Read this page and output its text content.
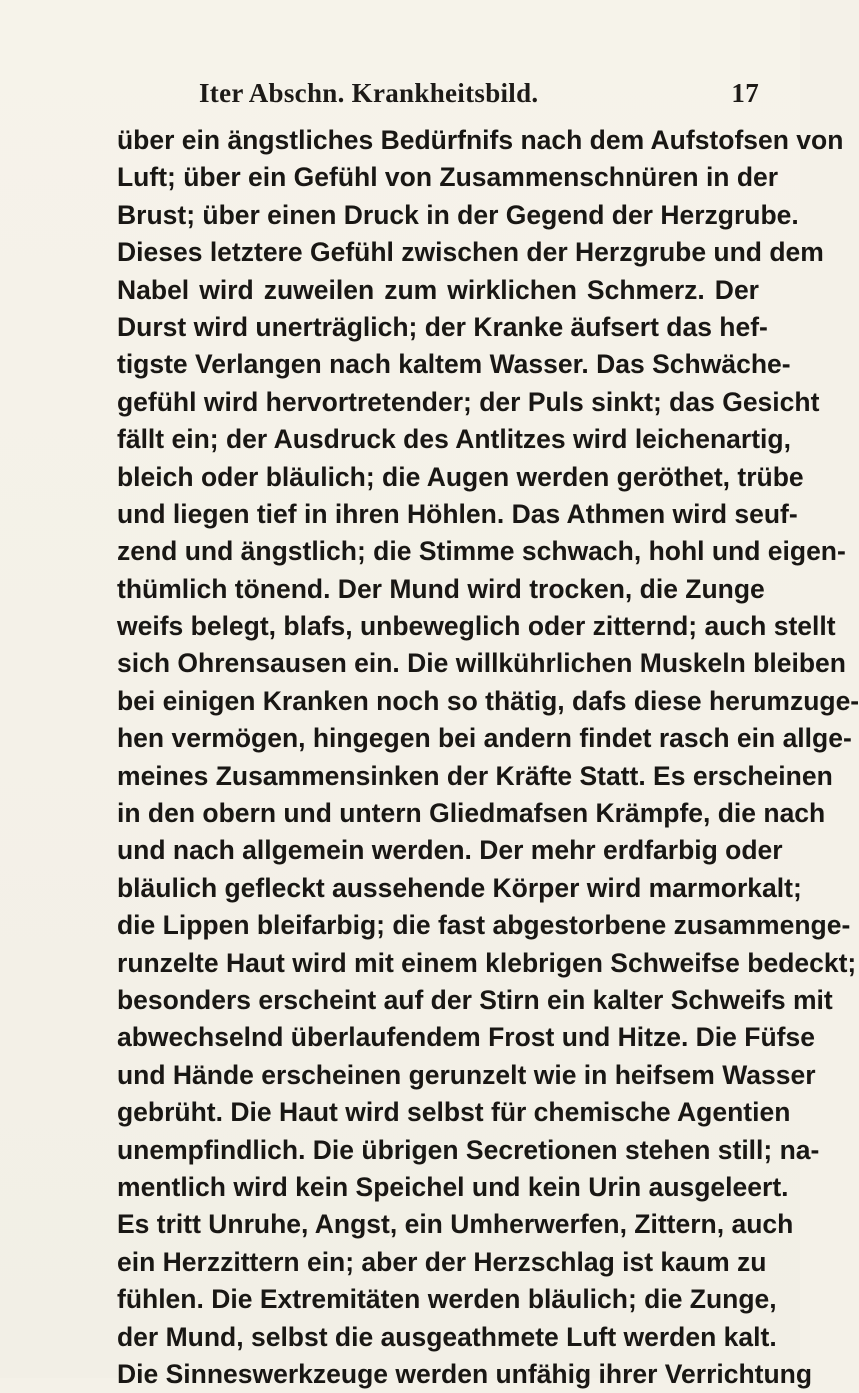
Iter Abschn. Krankheitsbild.	17
über ein ängstliches Bedürfnifs nach dem Aufstofsen von
Luft; über ein Gefühl von Zusammenschnüren in der
Brust; über einen Druck in der Gegend der Herzgrube.
Dieses letztere Gefühl zwischen der Herzgrube und dem
Nabel wird zuweilen zum wirklichen Schmerz. Der
Durst wird unerträglich; der Kranke äufsert das hef-
tigste Verlangen nach kaltem Wasser. Das Schwäche-
gefühl wird hervortretender; der Puls sinkt; das Gesicht
fällt ein; der Ausdruck des Antlitzes wird leichenartig,
bleich oder bläulich; die Augen werden geröthet, trübe
und liegen tief in ihren Höhlen. Das Athmen wird seuf-
zend und ängstlich; die Stimme schwach, hohl und eigen-
thümlich tönend. Der Mund wird trocken, die Zunge
weifs belegt, blafs, unbeweglich oder zitternd; auch stellt
sich Ohrensausen ein. Die willkührlichen Muskeln bleiben
bei einigen Kranken noch so thätig, dafs diese herumzuge-
hen vermögen, hingegen bei andern findet rasch ein allge-
meines Zusammensinken der Kräfte Statt. Es erscheinen
in den obern und untern Gliedmafsen Krämpfe, die nach
und nach allgemein werden. Der mehr erdfarbig oder
bläulich gefleckt aussehende Körper wird marmorkalt;
die Lippen bleifarbig; die fast abgestorbene zusammenge-
runzelte Haut wird mit einem klebrigen Schweifse bedeckt;
besonders erscheint auf der Stirn ein kalter Schweifs mit
abwechselnd überlaufendem Frost und Hitze. Die Füfse
und Hände erscheinen gerunzelt wie in heifsem Wasser
gebrüht. Die Haut wird selbst für chemische Agentien
unempfindlich. Die übrigen Secretionen stehen still; na-
mentlich wird kein Speichel und kein Urin ausgeleert.
Es tritt Unruhe, Angst, ein Umherwerfen, Zittern, auch
ein Herzzittern ein; aber der Herzschlag ist kaum zu
fühlen. Die Extremitäten werden bläulich; die Zunge,
der Mund, selbst die ausgeathmete Luft werden kalt.
Die Sinneswerkzeuge werden unfähig ihrer Verrichtung
